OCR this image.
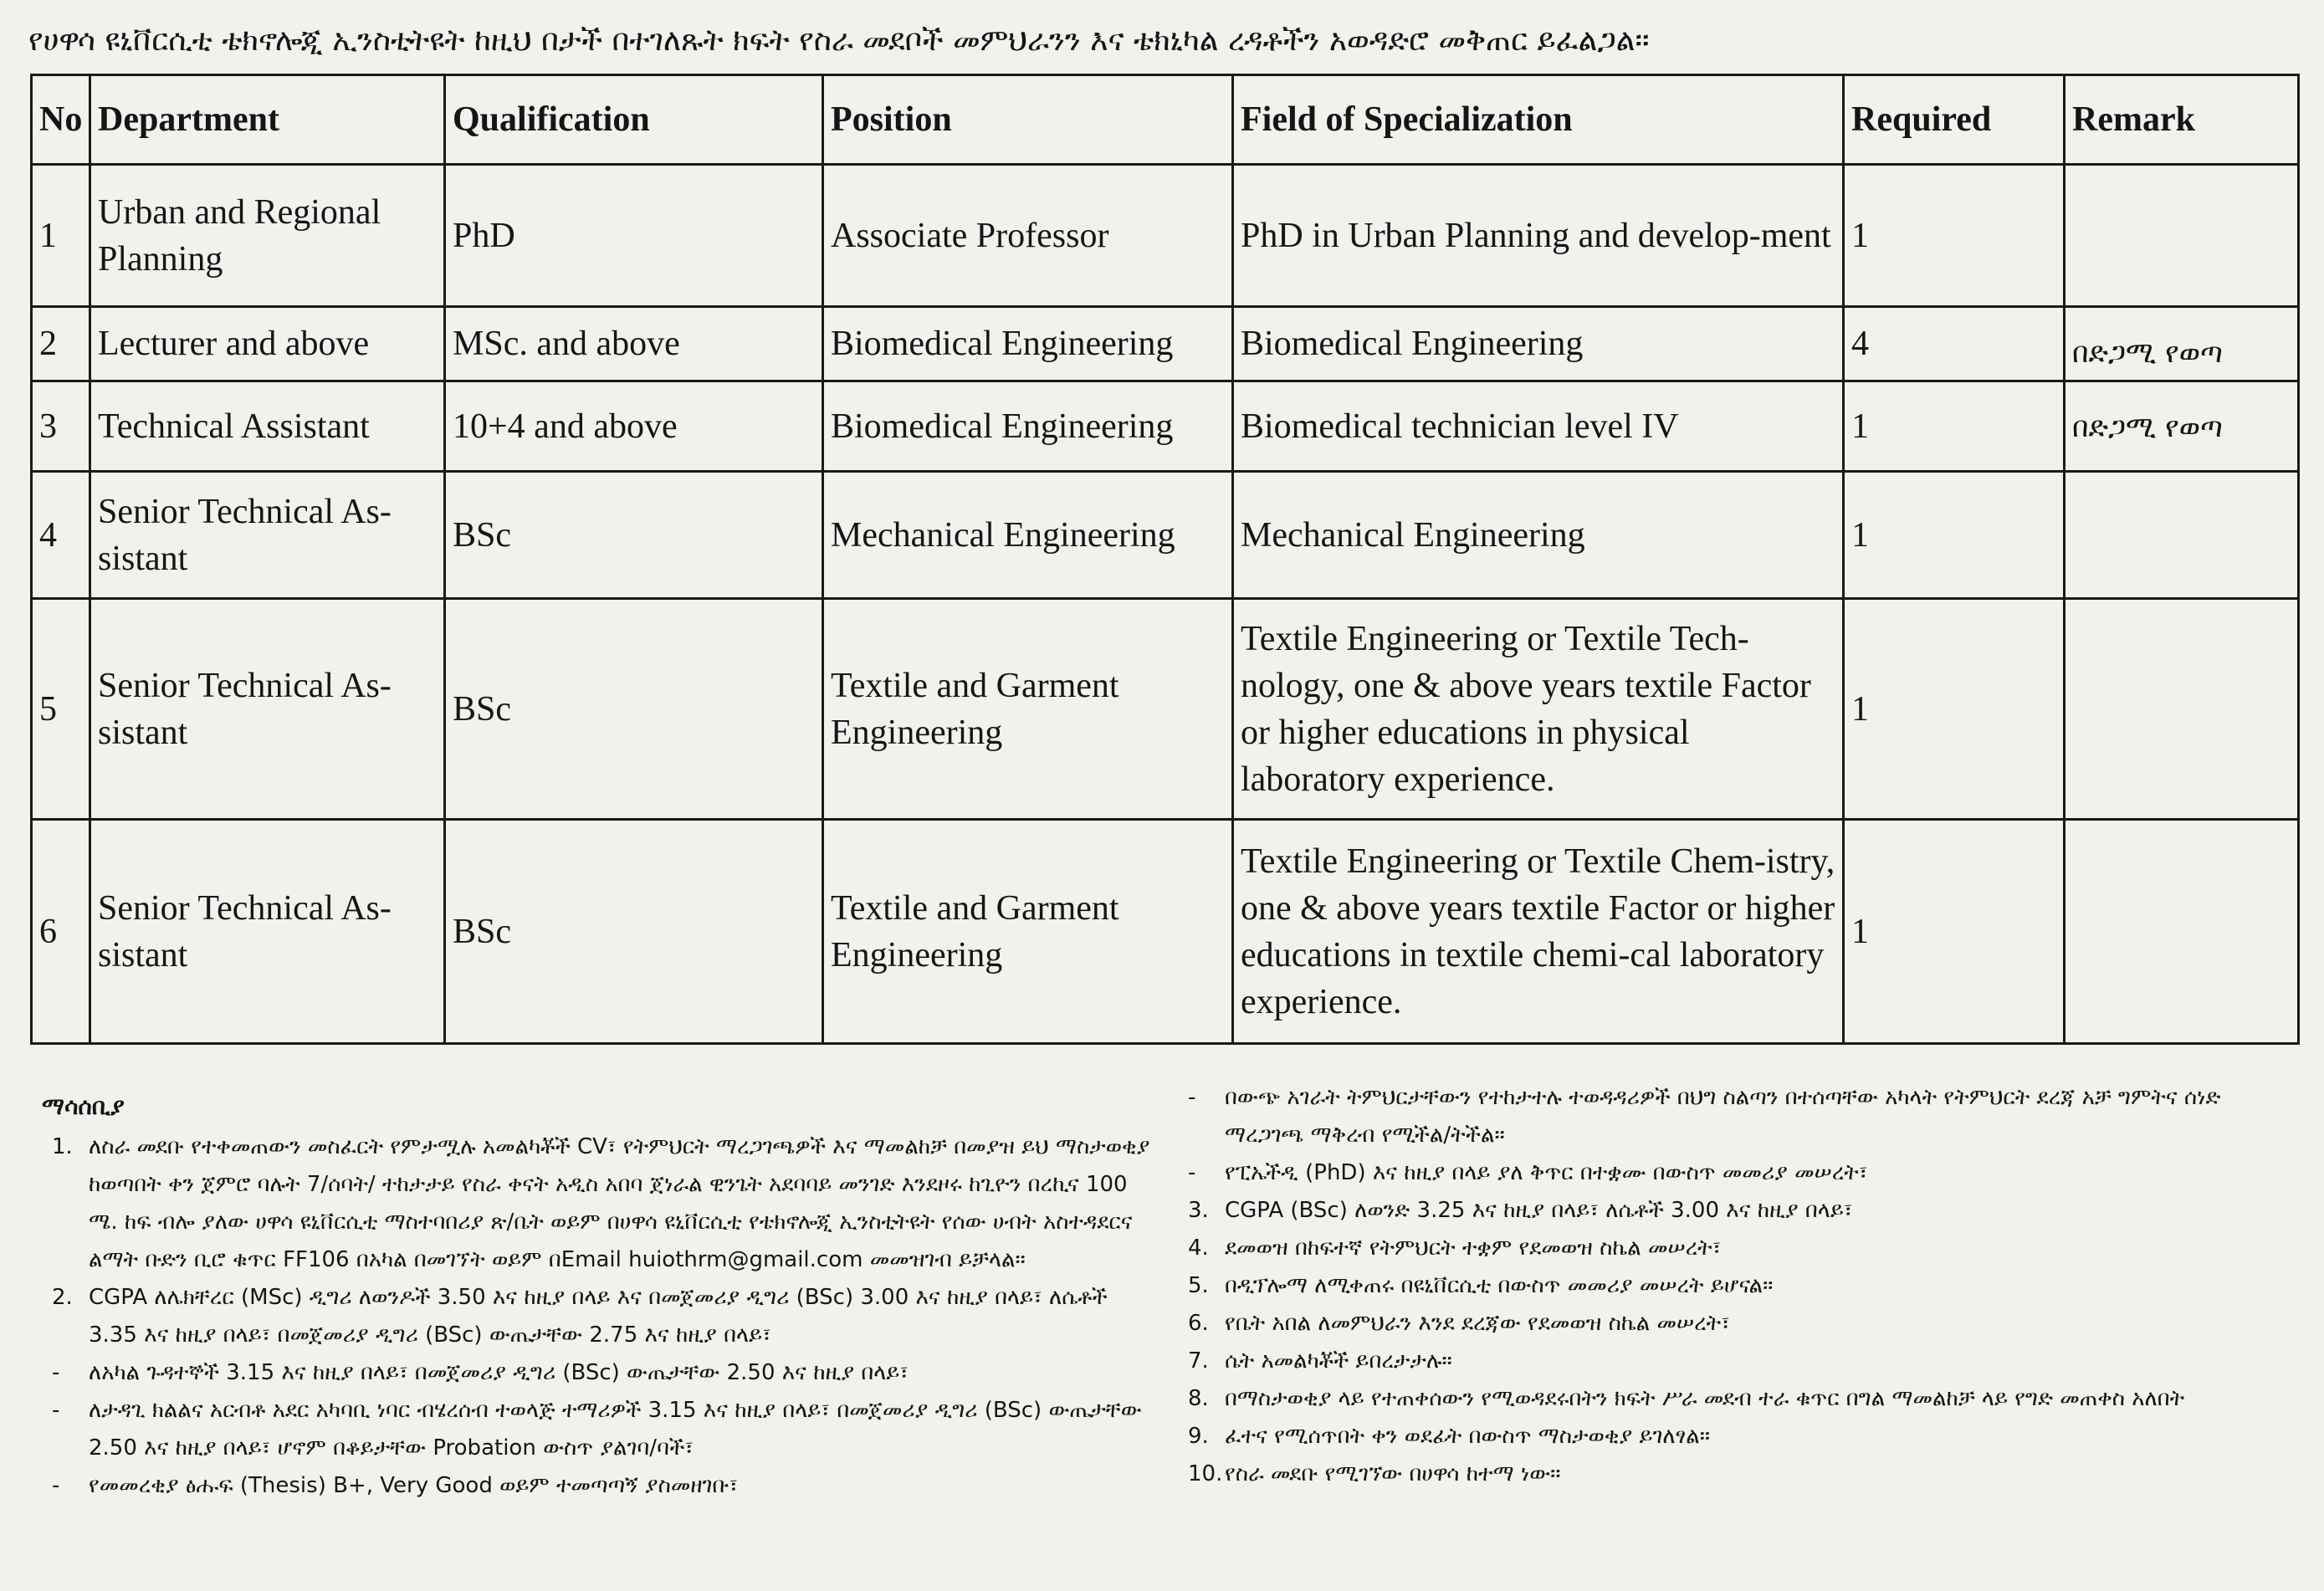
የሀዋሳ ዩኒቨርሲቲ ቴክኖሎጂ ኢንስቲትዩት ከዚህ በታች በተገለጹት ክፍት የስራ መደቦች መምህራንን እና ቴክኒካል ረዳቶችን አወዳድሮ መቅጠር ይፈልጋል፡፡
No	Department	Qualification	Position	Field of Specialization	Required	Remark
1	Urban and Regional Planning	PhD	Associate Professor	PhD in Urban Planning and develop-ment	1	
2	Lecturer and above	MSc. and above	Biomedical Engineering	Biomedical Engineering	4	በድጋሚ የወጣ
3	Technical Assistant	10+4 and above	Biomedical Engineering	Biomedical technician level IV	1	በድጋሚ የወጣ
4	Senior Technical As-sistant	BSc	Mechanical Engineering	Mechanical Engineering	1	
5	Senior Technical As-sistant	BSc	Textile and Garment Engineering	Textile Engineering or Textile Tech-nology, one & above years textile Factor or higher educations in physical laboratory experience.	1	
6	Senior Technical As-sistant	BSc	Textile and Garment Engineering	Textile Engineering or Textile Chem-istry, one & above years textile Factor or higher educations in textile chemi-cal laboratory experience.	1	
ማሳሰቢያ

1. ለስራ መደቡ የተቀመጠውን መስፈርት የምታሟሉ አመልካቾች CV፣ የትምህርት ማረጋገጫዎች እና ማመልከቻ በመያዝ ይህ ማስታወቂያ ከወጣበት ቀን ጀምሮ ባሉት 7/ሰባት/ ተከታታይ የስራ ቀናት አዲስ አበባ ጀነራል ዊንጌት አደባባይ መንገድ እንደዞሩ ከጊዮን በረኪና 100 ሜ. ከፍ ብሎ ያለው ሀዋሳ ዩኒቨርሲቲ ማስተባበሪያ ጽ/ቤት ወይም በሀዋሳ ዩኒቨርሲቲ የቴክኖሎጂ ኢንስቲትዩት የሰው ሀብት አስተዳደርና ልማት ቡድን ቢሮ ቁጥር FF106 በአካል በመገኘት ወይም በEmail huiothrm@gmail.com መመዝገብ ይቻላል፡፡

2. CGPA ለሌክቸረር (MSc) ዲግሪ ለወንዶች 3.50 እና ከዚያ በላይ እና በመጀመሪያ ዲግሪ (BSc) 3.00 እና ከዚያ በላይ፣ ለሴቶች 3.35 እና ከዚያ በላይ፣ በመጀመሪያ ዲግሪ (BSc) ውጤታቸው 2.75 እና ከዚያ በላይ፣

- ለአካል ጉዳተኞች 3.15 እና ከዚያ በላይ፣ በመጀመሪያ ዲግሪ (BSc) ውጤታቸው 2.50 እና ከዚያ በላይ፣

- ለታዳጊ ክልልና አርብቶ አደር አካባቢ ነባር ብሄረሰብ ተወላጅ ተማሪዎች 3.15 እና ከዚያ በላይ፣ በመጀመሪያ ዲግሪ (BSc) ውጤታቸው 2.50 እና ከዚያ በላይ፣ ሆኖም በቆይታቸው Probation ውስጥ ያልገባ/ባች፣

- የመመረቂያ ፅሑፍ (Thesis) B+, Very Good ወይም ተመጣጣኝ ያስመዘገቡ፣

- በውጭ አገራት ትምህርታቸውን የተከታተሉ ተወዳዳሪዎች በህግ ስልጣን በተሰጣቸው አካላት የትምህርት ደረጃ አቻ ግምትና ሰነድ ማረጋገጫ ማቅረብ የሚችል/ትችል፡፡

- የፒኤችዲ (PhD) እና ከዚያ በላይ ያለ ቅጥር በተቋሙ በውስጥ መመሪያ መሠረት፣

3. CGPA (BSc) ለወንድ 3.25 እና ከዚያ በላይ፣ ለሴቶች 3.00 እና ከዚያ በላይ፣

4. ደመወዝ በከፍተኛ የትምህርት ተቋም የደመወዝ ስኬል መሠረት፣

5. በዲፕሎማ ለሚቀጠሩ በዩኒቨርሲቲ በውስጥ መመሪያ መሠረት ይሆናል፡፡

6. የቤት አበል ለመምህራን እንደ ደረጃው የደመወዝ ስኬል መሠረት፣

7. ሴት አመልካቾች ይበረታታሉ፡፡

8. በማስታወቂያ ላይ የተጠቀሰውን የሚወዳደሩበትን ክፍት ሥራ መደብ ተራ ቁጥር በግል ማመልከቻ ላይ የግድ መጠቀስ አለበት

9. ፈተና የሚሰጥበት ቀን ወደፊት በውስጥ ማስታወቂያ ይገለፃል፡፡

10. የስራ መደቡ የሚገኘው በሀዋሳ ከተማ ነው፡፡
